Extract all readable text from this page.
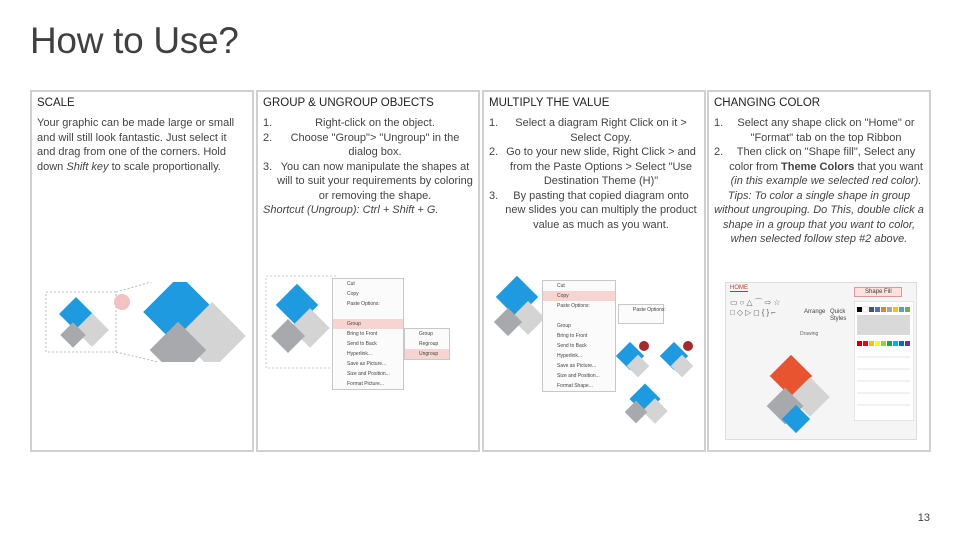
How to Use?
SCALE

Your graphic can be made large or small and will still look fantastic. Just select it and drag from one of the corners. Hold down Shift key to scale proportionally.

GROUP & UNGROUP OBJECTS
1.	Right-click on the object.
2. Choose "Group"> "Ungroup" in the dialog box.
3. You can now manipulate the shapes at will to suit your requirements by coloring or removing the shape.

Shortcut (Ungroup): Ctrl + Shift + G.

Cut
Copy
Paste Options:
Group
Bring to Front
Send to Back
Hyperlink...
Save as Picture...
Size and Position...
Format Picture...
Group
Regroup
Ungroup
MULTIPLY THE VALUE
1. Select a diagram Right Click on it > Select Copy.
2. Go to your new slide, Right Click > and from the Paste Options > Select "Use Destination Theme (H)"
3. By pasting that copied diagram onto new slides you can multiply the product value as much as you want.
Cut
Copy
Paste Options:
Group
Bring to Front
Send to Back
Hyperlink...
Save as Picture...
Size and Position...
Format Shape...
Paste Options:
CHANGING COLOR
1. Select any shape click on "Home" or "Format" tab on the top Ribbon
2. Then click on "Shape fill", Select any color from Theme Colors that you want (in this example we selected red color).

Tips: To color a single shape in group without ungrouping. Do This, double click a shape in a group that you want to color, when selected follow step #2 above.

HOME
▭○△⌒⇨☆
□◇▷◻{}⌐	Arrange Quick Styles
Drawing
Shape Fill
13
